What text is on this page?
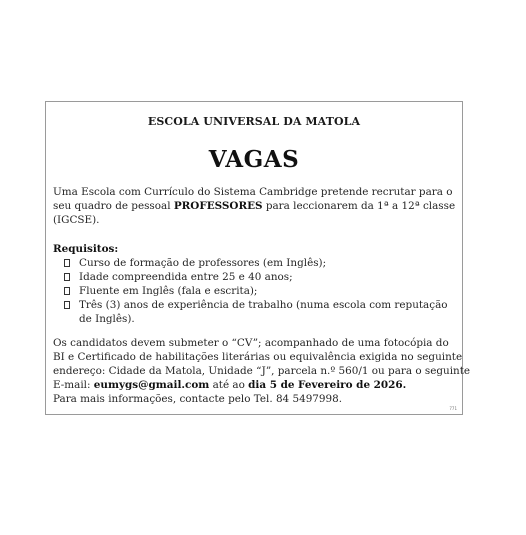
ESCOLA UNIVERSAL DA MATOLA
VAGAS
Uma Escola com Currículo do Sistema Cambridge pretende recrutar para o
seu quadro de pessoal PROFESSORES para leccionarem da 1ª a 12ª classe
(IGCSE).
Requisitos:
Curso de formação de professores (em Inglês);
Idade compreendida entre 25 e 40 anos;
Fluente em Inglês (fala e escrita);
Três (3) anos de experiência de trabalho (numa escola com reputação de Inglês).
Os candidatos devem submeter o “CV”; acompanhado de uma fotocópia do
BI e Certificado de habilitações literárias ou equivalência exigida no seguinte
endereço: Cidade da Matola, Unidade “J”, parcela n.º 560/1 ou para o seguinte
E-mail: eumygs@gmail.com até ao dia 5 de Fevereiro de 2026.
Para mais informações, contacte pelo Tel. 84 5497998.
771
